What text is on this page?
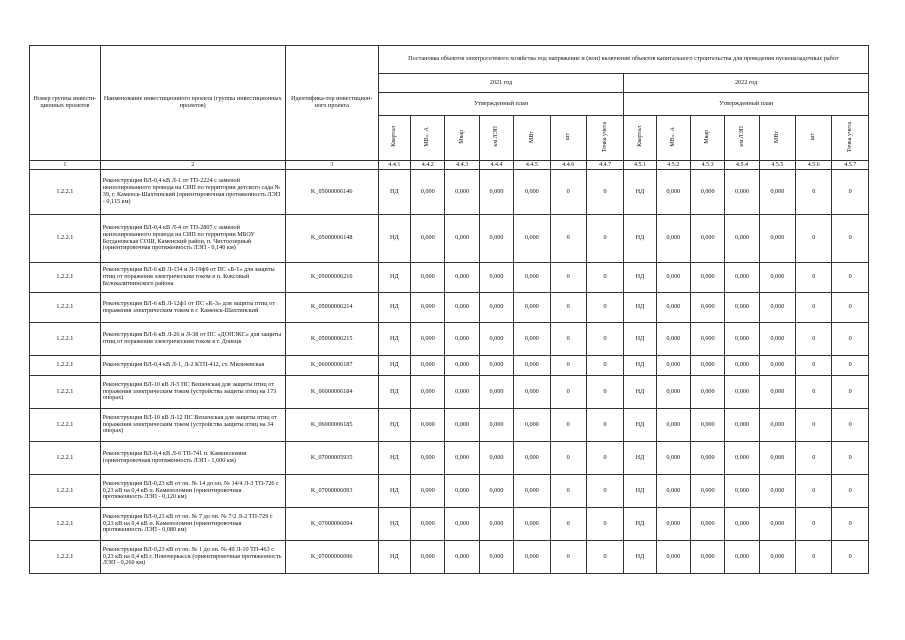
Номер группы инвести-ционных проектов	Наименование инвестиционного проекта (группы инвестиционных проектов)	Идентифика-тор инвестицион-ного проекта	Постановка объектов электросетевого хозяйства под напряжение и (или) включение объектов капитального строительства для проведения пусконаладочных работ													
			2021 год							2022 год						
			Утвержденный план							Утвержденный план						
			Квартал	МВ×А	Мвар	км ЛЭП	МВт	шт	Точка учета	Квартал	МВ×А	Мвар	км ЛЭП	МВт	шт	Точка учета
1	2	3	4.4.1	4.4.2	4.4.3	4.4.4	4.4.5	4.4.6	4.4.7	4.5.1	4.5.2	4.5.3	4.5.4	4.5.5	4.5.6	4.5.7
1.2.2.1	Реконструкция ВЛ-0,4 кВ Л-1 от ТП-2224 с заменой неизолированного провода на СИП по территории детского сада № 39, г. Каменск-Шахтинский (ориентировочная протяженность ЛЭП - 0,115 км)	K_05000006146	НД	0,000	0,000	0,000	0,000	0	0	НД	0,000	0,000	0,000	0,000	0	0
1.2.2.1	Реконструкция ВЛ-0,4 кВ Л-4 от ТП-2807 с заменой неизолированного провода на СИП по территории МБОУ Богдановская СОШ, Каменский район, п. Чистоозерный (ориентировочная протяженность ЛЭП - 0,140 км)	K_05000006148	НД	0,000	0,000	0,000	0,000	0	0	НД	0,000	0,000	0,000	0,000	0	0
1.2.2.1	Реконструкция ВЛ-6 кВ Л-134 и Л-19ф9 от ПС «Б-1» для защиты птиц от поражения электрическим током в п. Коксовый Белокалитвинского района	K_05000006216	НД	0,000	0,000	0,000	0,000	0	0	НД	0,000	0,000	0,000	0,000	0	0
1.2.2.1	Реконструкция ВЛ-6 кВ Л-12ф1 от ПС «К-3» для защиты птиц от поражения электрическим током в г. Каменск-Шахтинский	K_05000006214	НД	0,000	0,000	0,000	0,000	0	0	НД	0,000	0,000	0,000	0,000	0	0
1.2.2.1	Реконструкция ВЛ-6 кВ Л-26 и Л-38 от ПС «ДОНЭКС» для защиты птиц от поражения электрическим током в г. Донецк	K_05000006215	НД	0,000	0,000	0,000	0,000	0	0	НД	0,000	0,000	0,000	0,000	0	0
1.2.2.1	Реконструкция ВЛ-0,4 кВ Л-1, Л-2 КТП-412, ст. Мильчевская	K_06000006187	НД	0,000	0,000	0,000	0,000	0	0	НД	0,000	0,000	0,000	0,000	0	0
1.2.2.1	Реконструкция ВЛ-10 кВ Л-5 ПС Вешенская для защиты птиц от поражения электрическим током (устройства защиты птиц на 173 опорах)	K_06000006184	НД	0,000	0,000	0,000	0,000	0	0	НД	0,000	0,000	0,000	0,000	0	0
1.2.2.1	Реконструкция ВЛ-10 кВ Л-12 ПС Вешенская для защиты птиц от поражения электрическим током (устройства защиты птиц на 34 опорах)	K_06000006185	НД	0,000	0,000	0,000	0,000	0	0	НД	0,000	0,000	0,000	0,000	0	0
1.2.2.1	Реконструкция ВЛ-0,4 кВ Л-6 ТП-741 п. Каменоломни (ориентировочная протяженность ЛЭП - 1,600 км)	K_07000005935	НД	0,000	0,000	0,000	0,000	0	0	НД	0,000	0,000	0,000	0,000	0	0
1.2.2.1	Реконструкция ВЛ-0,23 кВ от оп. № 14 до оп. № 14/4 Л-3 ТП-726 с 0,23 кВ на 0,4 кВ п. Каменоломни (ориентировочная протяженность ЛЭП - 0,120 км)	K_07000006093	НД	0,000	0,000	0,000	0,000	0	0	НД	0,000	0,000	0,000	0,000	0	0
1.2.2.1	Реконструкция ВЛ-0,23 кВ от оп. № 7 до оп. № 7/2 Л-2 ТП-729 с 0,23 кВ на 0,4 кВ п. Каменоломни (ориентировочная протяженность ЛЭП - 0,080 км)	K_07000006094	НД	0,000	0,000	0,000	0,000	0	0	НД	0,000	0,000	0,000	0,000	0	0
1.2.2.1	Реконструкция ВЛ-0,23 кВ от оп. № 1 до оп. № 49 Л-10 ТП-463 с 0,23 кВ на 0,4 кВ г. Новочеркасск (ориентировочная протяженность ЛЭП - 0,260 км)	K_07000006096	НД	0,000	0,000	0,000	0,000	0	0	НД	0,000	0,000	0,000	0,000	0	0
